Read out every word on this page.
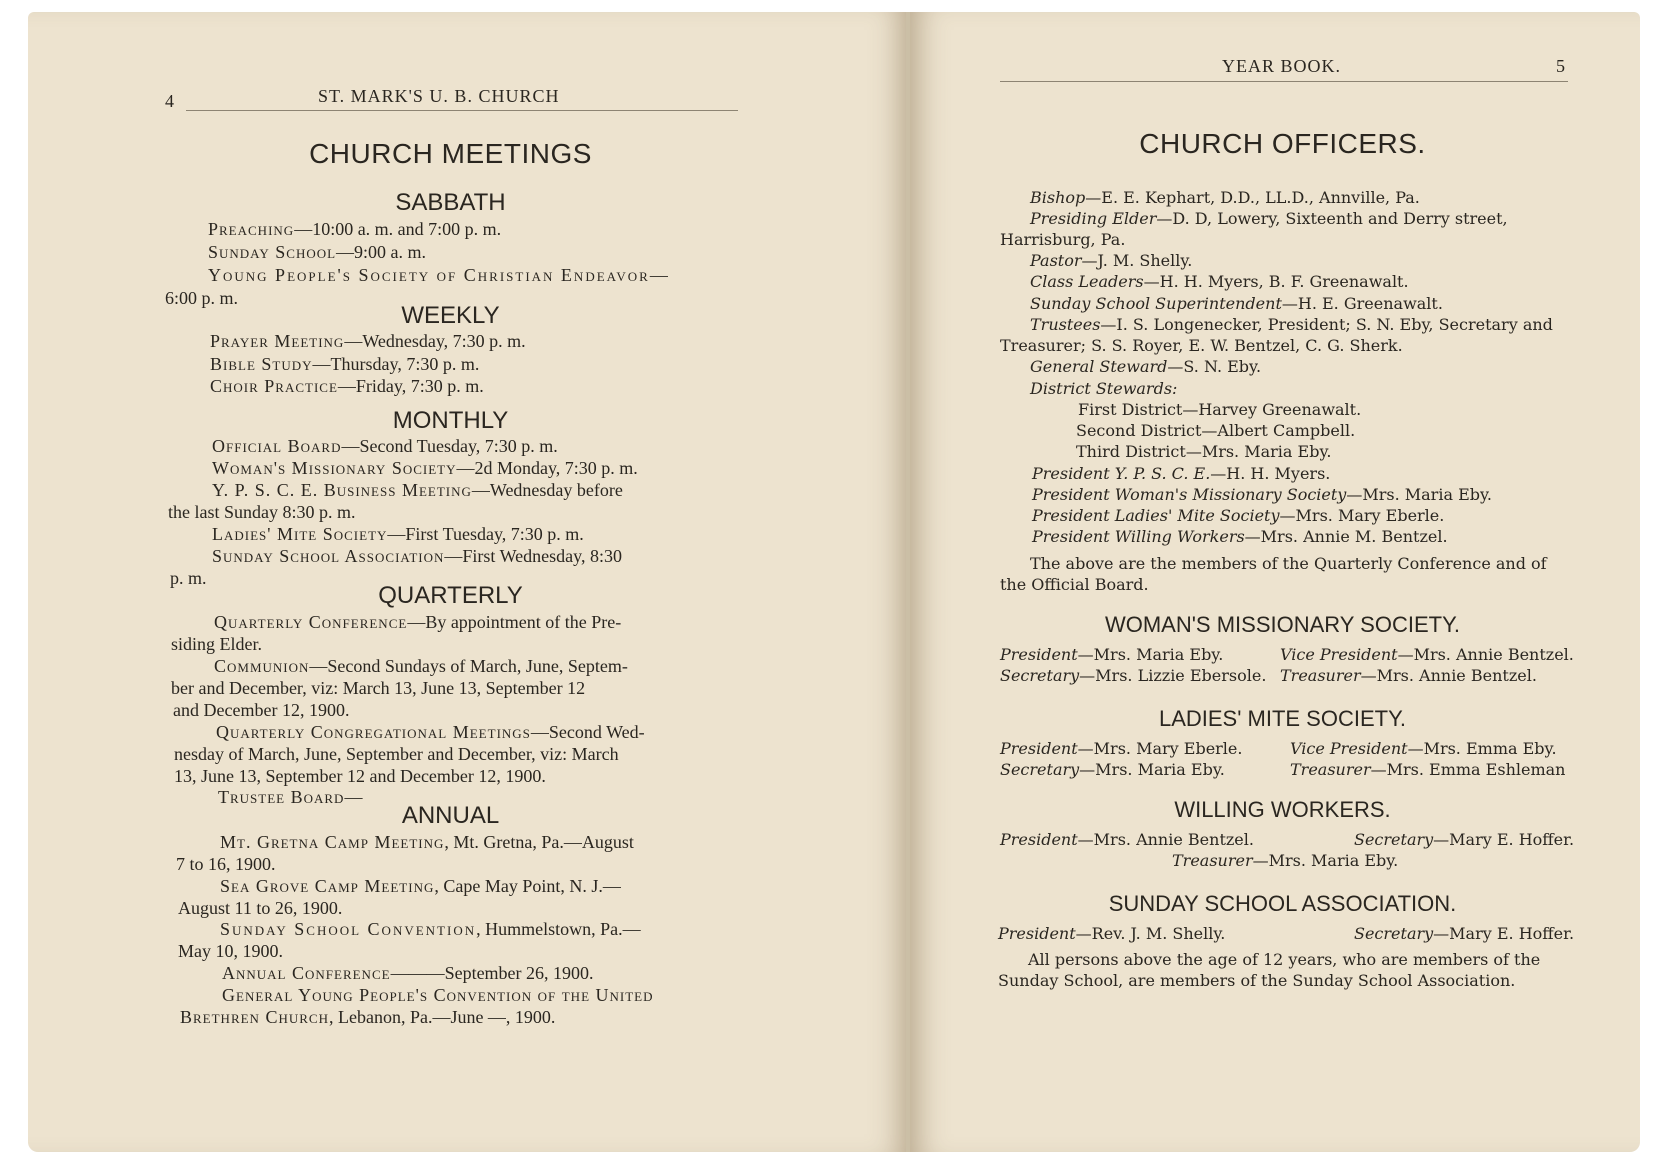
4	ST. MARK'S U. B. CHURCH
CHURCH MEETINGS
SABBATH
Preaching—10:00 a. m. and 7:00 p. m.
Sunday School—9:00 a. m.
Young People's Society of Christian Endeavor—
6:00 p. m.
WEEKLY
Prayer Meeting—Wednesday, 7:30 p. m.
Bible Study—Thursday, 7:30 p. m.
Choir Practice—Friday, 7:30 p. m.
MONTHLY
Official Board—Second Tuesday, 7:30 p. m.
Woman's Missionary Society—2d Monday, 7:30 p. m.
Y. P. S. C. E. Business Meeting—Wednesday before
the last Sunday 8:30 p. m.
Ladies' Mite Society—First Tuesday, 7:30 p. m.
Sunday School Association—First Wednesday, 8:30
p. m.
QUARTERLY
Quarterly Conference—By appointment of the Pre-
siding Elder.
Communion—Second Sundays of March, June, Septem-
ber and December, viz: March 13, June 13, September 12
and December 12, 1900.
Quarterly Congregational Meetings—Second Wed-
nesday of March, June, September and December, viz: March
13, June 13, September 12 and December 12, 1900.
Trustee Board—
ANNUAL
Mt. Gretna Camp Meeting, Mt. Gretna, Pa.—August
7 to 16, 1900.
Sea Grove Camp Meeting, Cape May Point, N. J.—
August 11 to 26, 1900.
Sunday School Convention, Hummelstown, Pa.—
May 10, 1900.
Annual Conference———September 26, 1900.
General Young People's Convention of the United
Brethren Church, Lebanon, Pa.—June —, 1900.
YEAR BOOK.	5
CHURCH OFFICERS.
Bishop—E. E. Kephart, D.D., LL.D., Annville, Pa.
Presiding Elder—D. D, Lowery, Sixteenth and Derry street,
Harrisburg, Pa.
Pastor—J. M. Shelly.
Class Leaders—H. H. Myers, B. F. Greenawalt.
Sunday School Superintendent—H. E. Greenawalt.
Trustees—I. S. Longenecker, President; S. N. Eby, Secretary and
Treasurer; S. S. Royer, E. W. Bentzel, C. G. Sherk.
General Steward—S. N. Eby.
District Stewards:
First District—Harvey Greenawalt.
Second District—Albert Campbell.
Third District—Mrs. Maria Eby.
President Y. P. S. C. E.—H. H. Myers.
President Woman's Missionary Society—Mrs. Maria Eby.
President Ladies' Mite Society—Mrs. Mary Eberle.
President Willing Workers—Mrs. Annie M. Bentzel.
The above are the members of the Quarterly Conference and of
the Official Board.
WOMAN'S MISSIONARY SOCIETY.
President—Mrs. Maria Eby.	Vice President—Mrs. Annie Bentzel.
Secretary—Mrs. Lizzie Ebersole. Treasurer—Mrs. Annie Bentzel.
LADIES' MITE SOCIETY.
President—Mrs. Mary Eberle.	Vice President—Mrs. Emma Eby.
Secretary—Mrs. Maria Eby.	Treasurer—Mrs. Emma Eshleman
WILLING WORKERS.
President—Mrs. Annie Bentzel.	Secretary—Mary E. Hoffer.
Treasurer—Mrs. Maria Eby.
SUNDAY SCHOOL ASSOCIATION.
President—Rev. J. M. Shelly.	Secretary—Mary E. Hoffer.
All persons above the age of 12 years, who are members of the
Sunday School, are members of the Sunday School Association.
